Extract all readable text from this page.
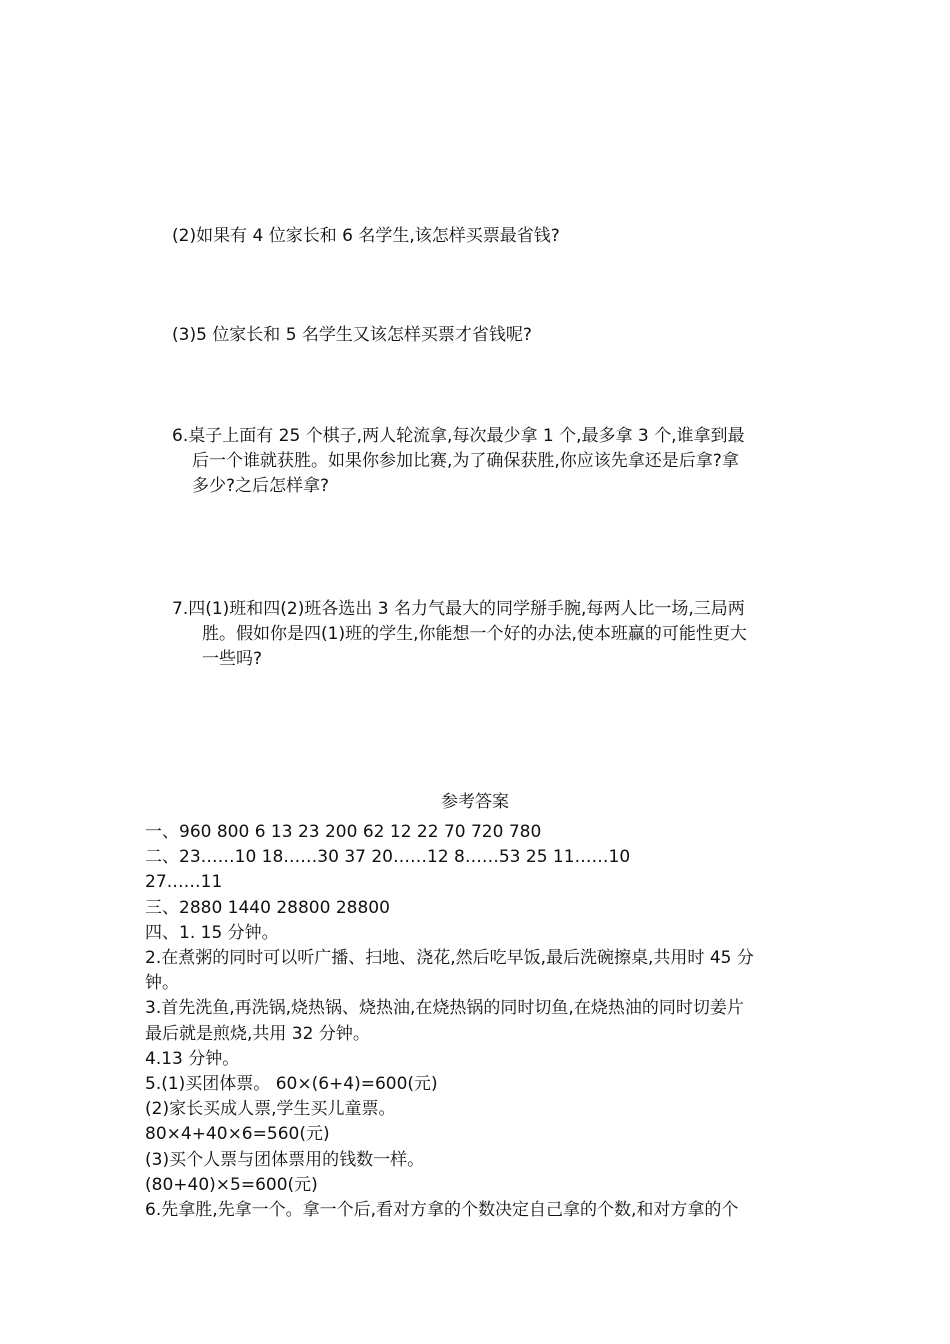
(2)如果有 4 位家长和 6 名学生,该怎样买票最省钱?
(3)5 位家长和 5 名学生又该怎样买票才省钱呢?
6.桌子上面有 25 个棋子,两人轮流拿,每次最少拿 1 个,最多拿 3 个,谁拿到最
后一个谁就获胜。如果你参加比赛,为了确保获胜,你应该先拿还是后拿?拿
多少?之后怎样拿?
7.四(1)班和四(2)班各选出 3 名力气最大的同学掰手腕,每两人比一场,三局两
胜。假如你是四(1)班的学生,你能想一个好的办法,使本班赢的可能性更大
一些吗?
参考答案
一、960 800 6 13 23 200 62 12 22 70 720 780
二、23……10 18……30 37 20……12 8……53 25 11……10
27……11
三、2880 1440 28800 28800
四、1. 15 分钟。
2.在煮粥的同时可以听广播、扫地、浇花,然后吃早饭,最后洗碗擦桌,共用时 45 分
钟。
3.首先洗鱼,再洗锅,烧热锅、烧热油,在烧热锅的同时切鱼,在烧热油的同时切姜片
最后就是煎烧,共用 32 分钟。
4.13 分钟。
5.(1)买团体票。 60×(6+4)=600(元)
(2)家长买成人票,学生买儿童票。
80×4+40×6=560(元)
(3)买个人票与团体票用的钱数一样。
(80+40)×5=600(元)
6.先拿胜,先拿一个。拿一个后,看对方拿的个数决定自己拿的个数,和对方拿的个
